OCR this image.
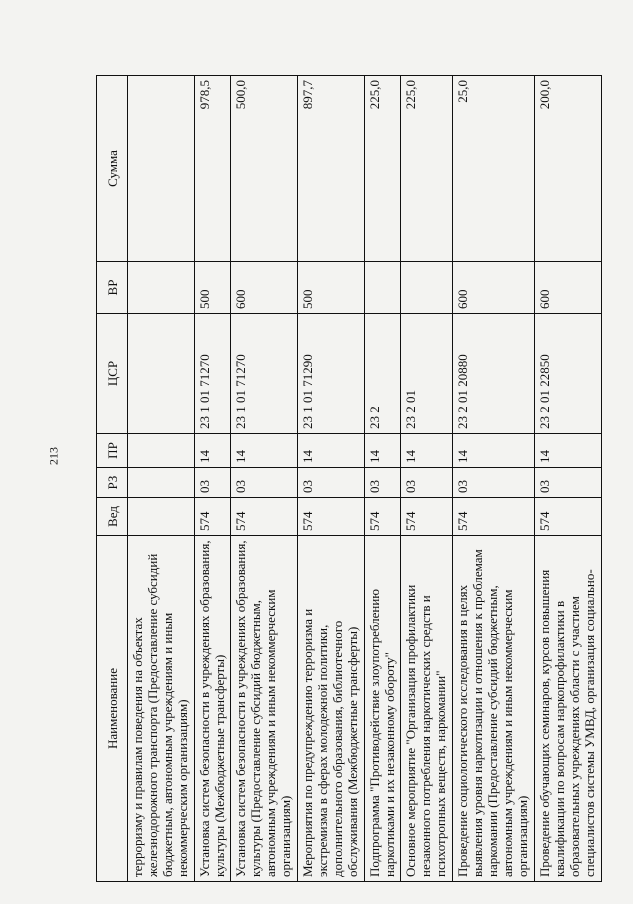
213
Наименование	Вед	РЗ	ПР	ЦСР	ВР	Сумма
терроризму и правилам поведения на объектах железнодорожного транспорта (Предоставление субсидий бюджетным, автономным учреждениям и иным некоммерческим организациям)						
Установка систем безопасности в учреждениях образования, культуры (Межбюджетные трансферты)	574	03	14	23 1 01 71270	500	978,5
Установка систем безопасности в учреждениях образования, культуры (Предоставление субсидий бюджетным, автономным учреждениям и иным некоммерческим организациям)	574	03	14	23 1 01 71270	600	500,0
Мероприятия по предупреждению терроризма и экстремизма в сферах молодежной политики, дополнительного образования, библиотечного обслуживания (Межбюджетные трансферты)	574	03	14	23 1 01 71290	500	897,7
Подпрограмма "Противодействие злоупотреблению наркотиками и их незаконному обороту"	574	03	14	23 2		225,0
Основное мероприятие "Организация профилактики незаконного потребления наркотических средств и психотропных веществ, наркомании"	574	03	14	23 2 01		225,0
Проведение социологического исследования в целях выявления уровня наркотизации и отношения к проблемам наркомании (Предоставление субсидий бюджетным, автономным учреждениям и иным некоммерческим организациям)	574	03	14	23 2 01 20880	600	25,0
Проведение обучающих семинаров, курсов повышения квалификации по вопросам наркопрофилактики в образовательных учреждениях области с участием специалистов системы УМВД, организация социально-	574	03	14	23 2 01 22850	600	200,0
